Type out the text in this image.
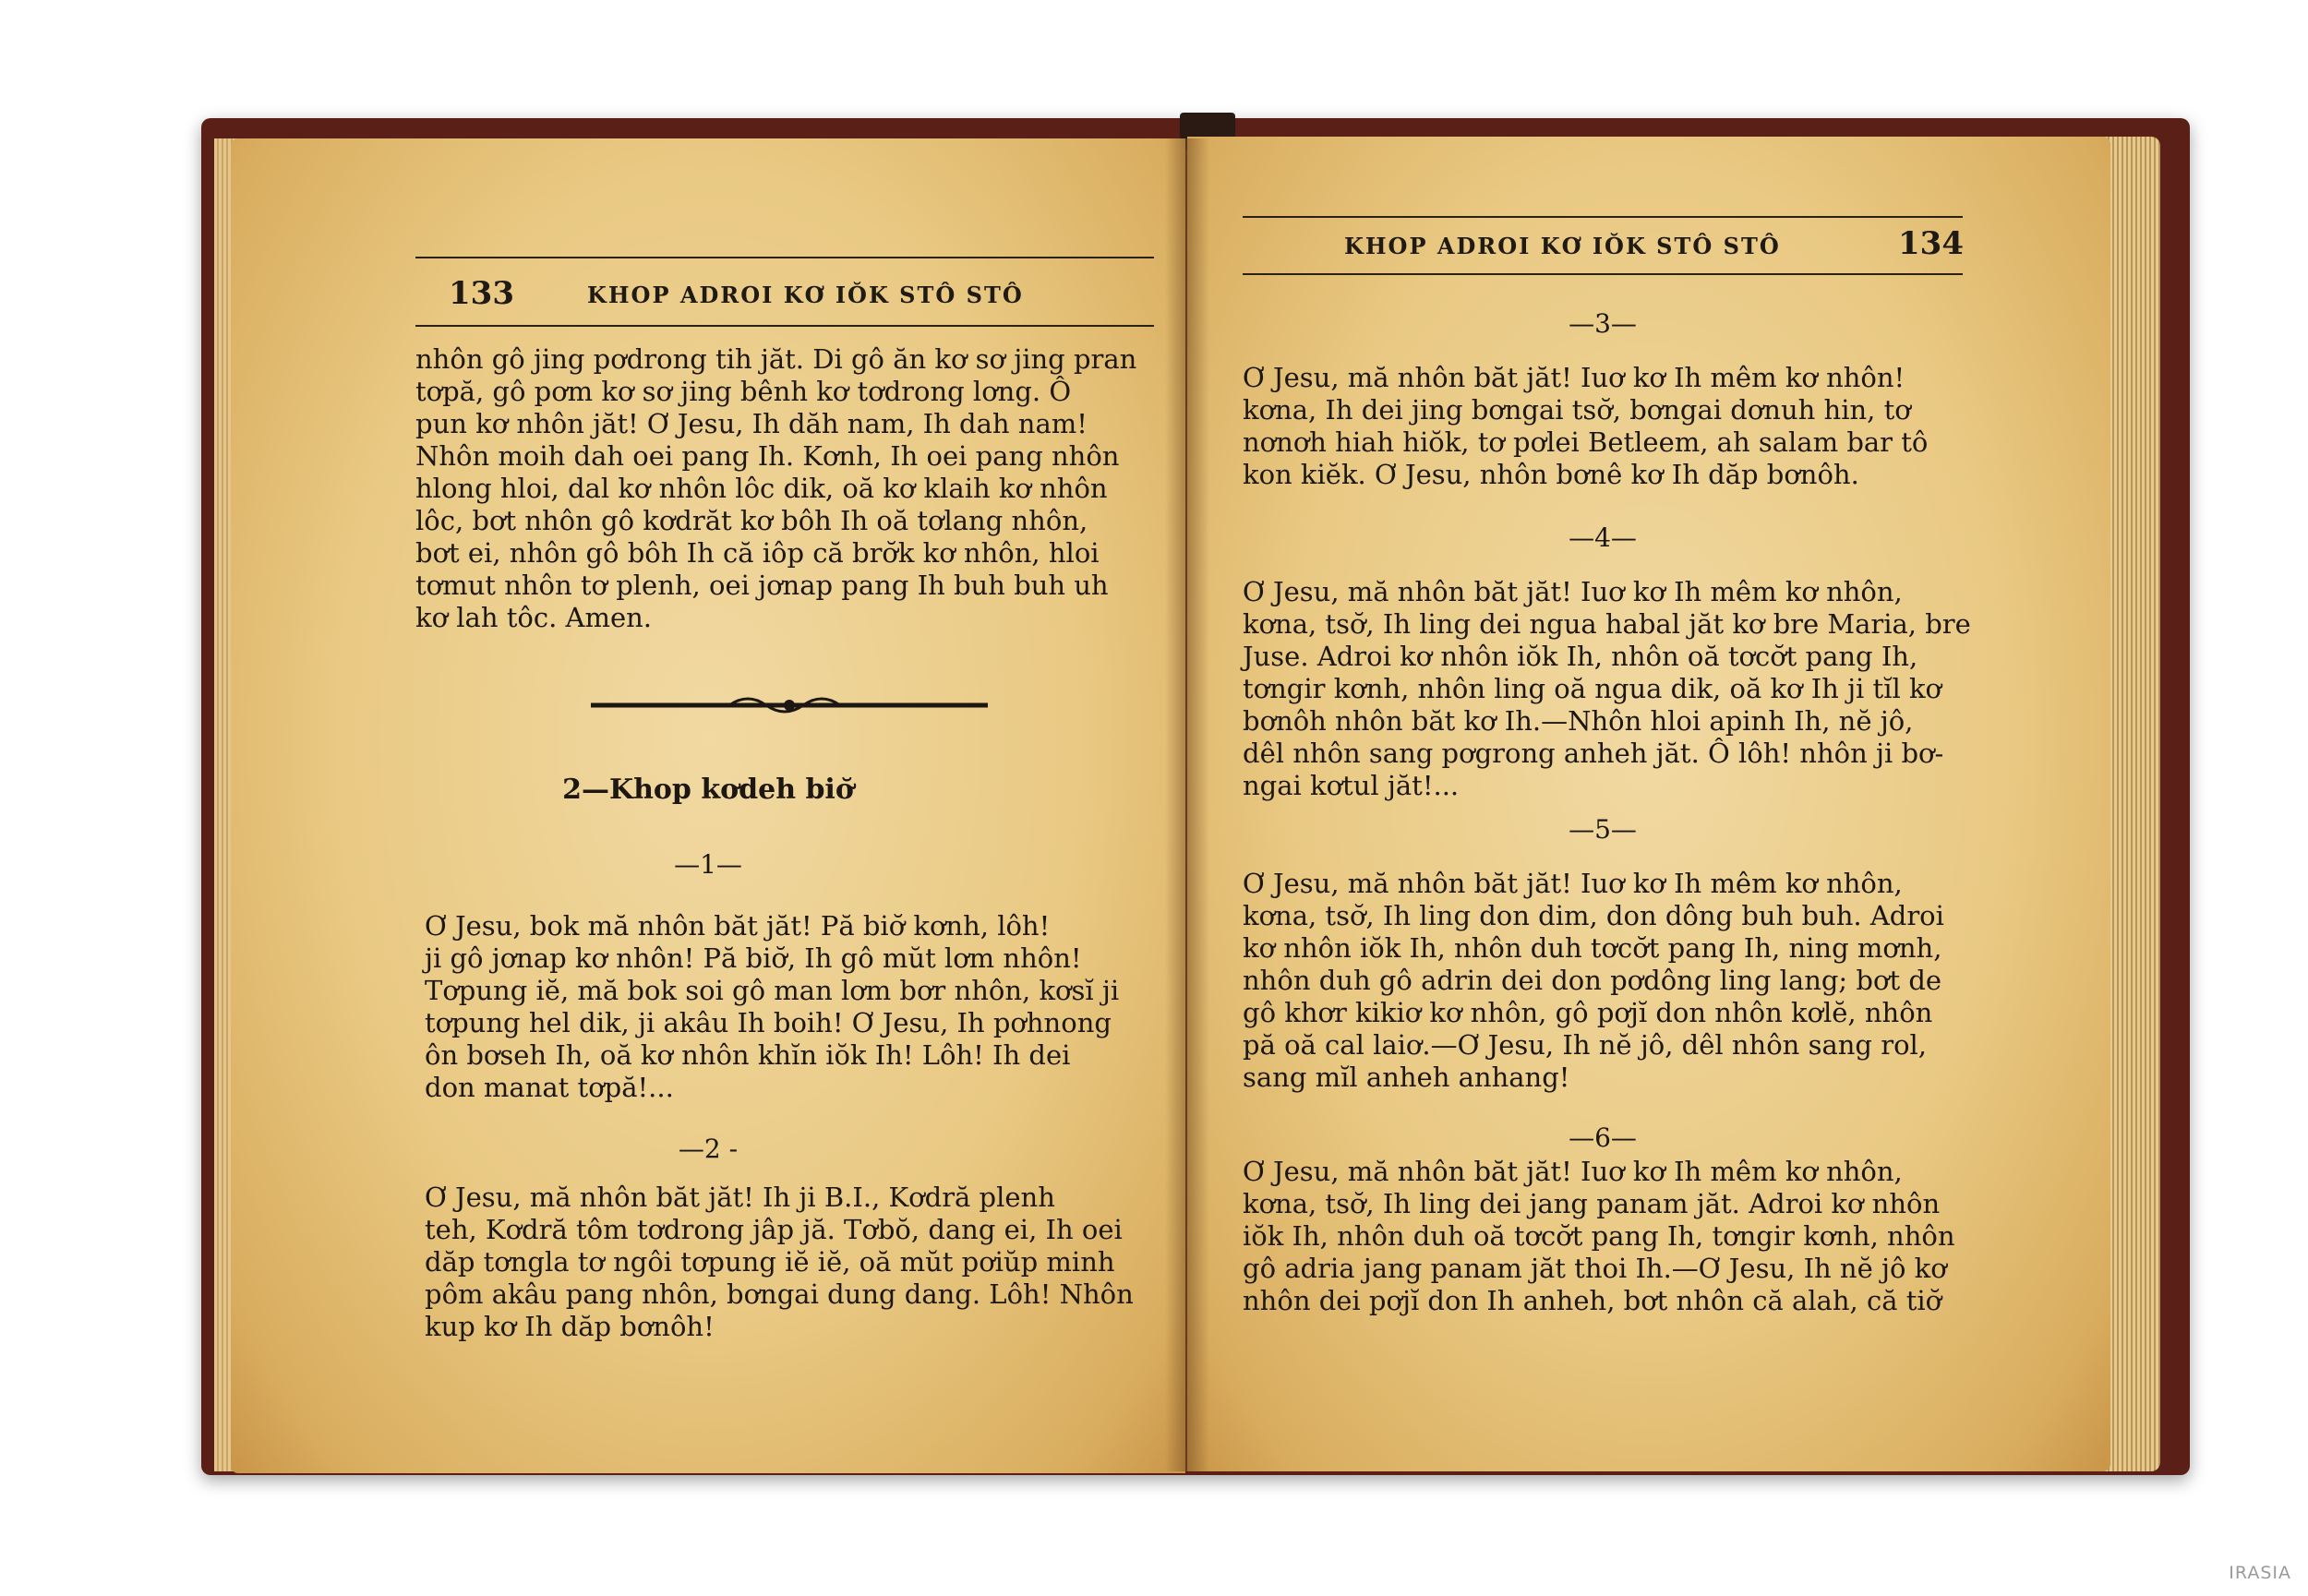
133	KHOP ADROI KƠ IŎK STÔ STÔ

nhôn gô jing pơdrong tih jăt. Di gô ăn kơ sơ jing pran

tơpă, gô pơm kơ sơ jing bênh kơ tơdrong lơng. Ô

pun kơ nhôn jăt! Ơ Jesu, Ih dăh nam, Ih dah nam!

Nhôn moih dah oei pang Ih. Kơnh, Ih oei pang nhôn

hlong hloi, dal kơ nhôn lôc dik, oă kơ klaih kơ nhôn

lôc, bơt nhôn gô kơdrăt kơ bôh Ih oă tơlang nhôn,

bơt ei, nhôn gô bôh Ih că iôp că brơ̆k kơ nhôn, hloi

tơmut nhôn tơ plenh, oei jơnap pang Ih buh buh uh

kơ lah tôc. Amen.

2—Khop kơdeh biơ̆
—1—

Ơ Jesu, bok mă nhôn băt jăt! Pă biơ̆ kơnh, lôh!

ji gô jơnap kơ nhôn! Pă biơ̆, Ih gô mŭt lơm nhôn!

Tơpung iĕ, mă bok soi gô man lơm bơr nhôn, kơsĭ ji

tơpung hel dik, ji akâu Ih boih! Ơ Jesu, Ih pơhnong

ôn bơseh Ih, oă kơ nhôn khĭn iŏk Ih! Lôh! Ih dei

don manat tơpă!...

—2 -

Ơ Jesu, mă nhôn băt jăt! Ih ji B.I., Kơdră plenh

teh, Kơdră tôm tơdrong jâp jă. Tơbŏ, dang ei, Ih oei

dăp tơngla tơ ngôi tơpung iĕ iĕ, oă mŭt pơiŭp minh

pôm akâu pang nhôn, bơngai dung dang. Lôh! Nhôn

kup kơ Ih dăp bơnôh!

KHOP ADROI KƠ IŎK STÔ STÔ	134
—3—

Ơ Jesu, mă nhôn băt jăt! Iuơ kơ Ih mêm kơ nhôn!

kơna, Ih dei jing bơngai tsơ̆, bơngai dơnuh hin, tơ

nơnơh hiah hiŏk, tơ pơlei Betleem, ah salam bar tô

kon kiĕk. Ơ Jesu, nhôn bơnê kơ Ih dăp bơnôh.

—4—

Ơ Jesu, mă nhôn băt jăt! Iuơ kơ Ih mêm kơ nhôn,

kơna, tsơ̆, Ih ling dei ngua habal jăt kơ bre Maria, bre

Juse. Adroi kơ nhôn iŏk Ih, nhôn oă tơcơ̆t pang Ih,

tơngir kơnh, nhôn ling oă ngua dik, oă kơ Ih ji tĭl kơ

bơnôh nhôn băt kơ Ih.—Nhôn hloi apinh Ih, nĕ jô,

dêl nhôn sang pơgrong anheh jăt. Ô lôh! nhôn ji bơ-

ngai kơtul jăt!...

—5—

Ơ Jesu, mă nhôn băt jăt! Iuơ kơ Ih mêm kơ nhôn,

kơna, tsơ̆, Ih ling don dim, don dông buh buh. Adroi

kơ nhôn iŏk Ih, nhôn duh tơcơ̆t pang Ih, ning mơnh,

nhôn duh gô adrin dei don pơdông ling lang; bơt de

gô khơr kikiơ kơ nhôn, gô pơjĭ don nhôn kơlĕ, nhôn

pă oă cal laiơ.—Ơ Jesu, Ih nĕ jô, dêl nhôn sang rol,

sang mĭl anheh anhang!

—6—

Ơ Jesu, mă nhôn băt jăt! Iuơ kơ Ih mêm kơ nhôn,

kơna, tsơ̆, Ih ling dei jang panam jăt. Adroi kơ nhôn

iŏk Ih, nhôn duh oă tơcơ̆t pang Ih, tơngir kơnh, nhôn

gô adria jang panam jăt thoi Ih.—Ơ Jesu, Ih nĕ jô kơ

nhôn dei pơjĭ don Ih anheh, bơt nhôn că alah, că tiơ̆

IRASIA
